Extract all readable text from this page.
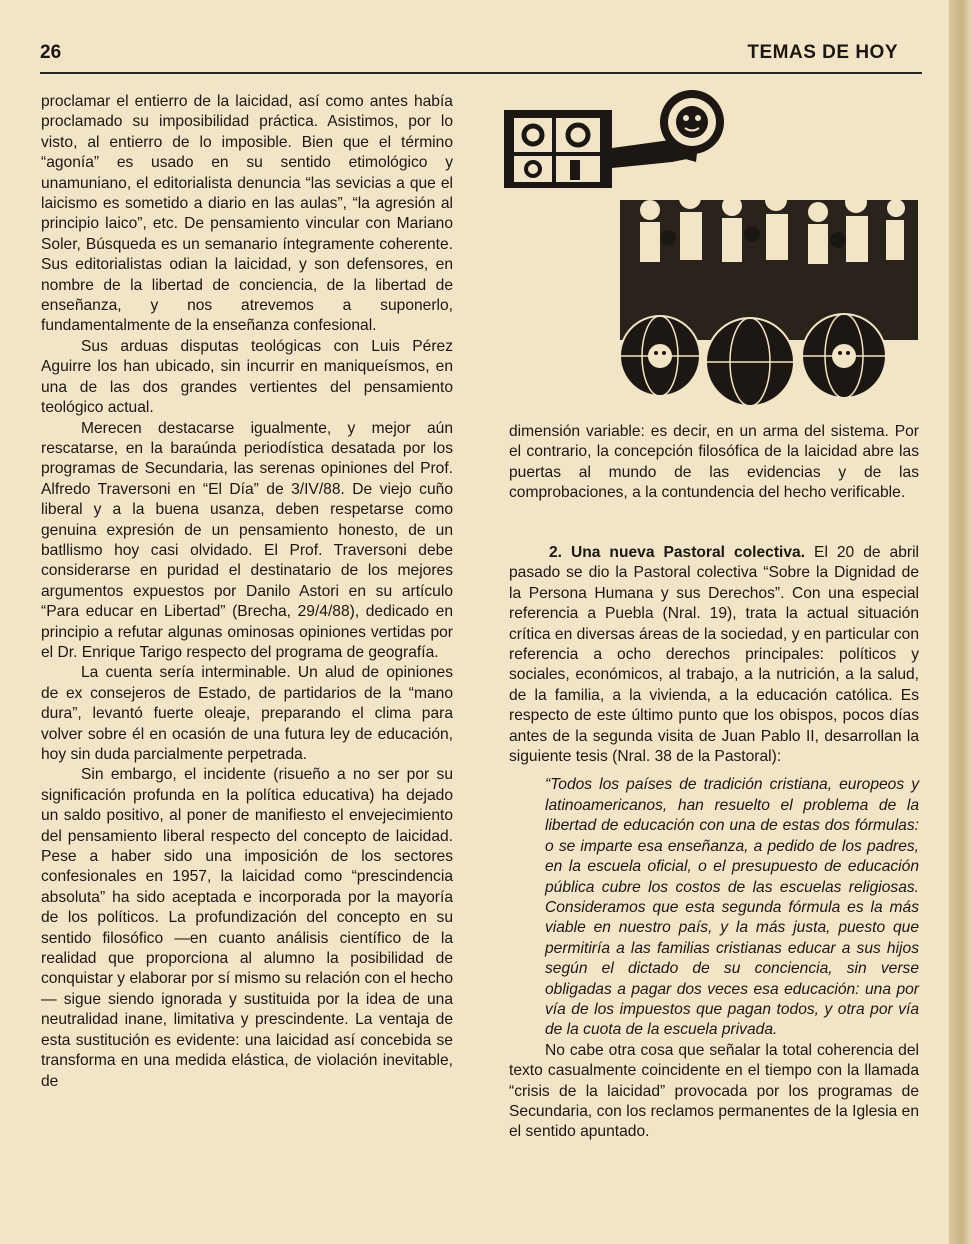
26	TEMAS DE HOY

proclamar el entierro de la laicidad, así como antes había proclamado su imposibilidad práctica. Asistimos, por lo visto, al entierro de lo imposible. Bien que el término “agonía” es usado en su sentido etimológico y unamuniano, el editorialista denuncia “las sevicias a que el laicismo es sometido a diario en las aulas”, “la agresión al principio laico”, etc. De pensamiento vincular con Mariano Soler, Búsqueda es un semanario íntegramente coherente. Sus editorialistas odian la laicidad, y son defensores, en nombre de la libertad de conciencia, de la libertad de enseñanza, y nos atrevemos a suponerlo, fundamentalmente de la enseñanza confesional.

Sus arduas disputas teológicas con Luis Pérez Aguirre los han ubicado, sin incurrir en maniqueísmos, en una de las dos grandes vertientes del pensamiento teológico actual.

Merecen destacarse igualmente, y mejor aún rescatarse, en la baraúnda periodística desatada por los programas de Secundaria, las serenas opiniones del Prof. Alfredo Traversoni en “El Día” de 3/IV/88. De viejo cuño liberal y a la buena usanza, deben respetarse como genuina expresión de un pensamiento honesto, de un batllismo hoy casi olvidado. El Prof. Traversoni debe considerarse en puridad el destinatario de los mejores argumentos expuestos por Danilo Astori en su artículo “Para educar en Libertad” (Brecha, 29/4/88), dedicado en principio a refutar algunas ominosas opiniones vertidas por el Dr. Enrique Tarigo respecto del programa de geografía.

La cuenta sería interminable. Un alud de opiniones de ex consejeros de Estado, de partidarios de la “mano dura”, levantó fuerte oleaje, preparando el clima para volver sobre él en ocasión de una futura ley de educación, hoy sin duda parcialmente perpetrada.

Sin embargo, el incidente (risueño a no ser por su significación profunda en la política educativa) ha dejado un saldo positivo, al poner de manifiesto el envejecimiento del pensamiento liberal respecto del concepto de laicidad. Pese a haber sido una imposición de los sectores confesionales en 1957, la laicidad como “prescindencia absoluta” ha sido aceptada e incorporada por la mayoría de los políticos. La profundización del concepto en su sentido filosófico —en cuanto análisis científico de la realidad que proporciona al alumno la posibilidad de conquistar y elaborar por sí mismo su relación con el hecho— sigue siendo ignorada y sustituida por la idea de una neutralidad inane, limitativa y prescindente. La ventaja de esta sustitución es evidente: una laicidad así concebida se transforma en una medida elástica, de violación inevitable, de

dimensión variable: es decir, en un arma del sistema. Por el contrario, la concepción filosófica de la laicidad abre las puertas al mundo de las evidencias y de las comprobaciones, a la contundencia del hecho verificable.

2. Una nueva Pastoral colectiva. El 20 de abril pasado se dio la Pastoral colectiva “Sobre la Dignidad de la Persona Humana y sus Derechos”. Con una especial referencia a Puebla (Nral. 19), trata la actual situación crítica en diversas áreas de la sociedad, y en particular con referencia a ocho derechos principales: políticos y sociales, económicos, al trabajo, a la nutrición, a la salud, de la familia, a la vivienda, a la educación católica. Es respecto de este último punto que los obispos, pocos días antes de la segunda visita de Juan Pablo II, desarrollan la siguiente tesis (Nral. 38 de la Pastoral):

“Todos los países de tradición cristiana, europeos y latinoamericanos, han resuelto el problema de la libertad de educación con una de estas dos fórmulas: o se imparte esa enseñanza, a pedido de los padres, en la escuela oficial, o el presupuesto de educación pública cubre los costos de las escuelas religiosas. Consideramos que esta segunda fórmula es la más viable en nuestro país, y la más justa, puesto que permitiría a las familias cristianas educar a sus hijos según el dictado de su conciencia, sin verse obligadas a pagar dos veces esa educación: una por vía de los impuestos que pagan todos, y otra por vía de la cuota de la escuela privada.

No cabe otra cosa que señalar la total coherencia del texto casualmente coincidente en el tiempo con la llamada “crisis de la laicidad” provocada por los programas de Secundaria, con los reclamos permanentes de la Iglesia en el sentido apuntado.
